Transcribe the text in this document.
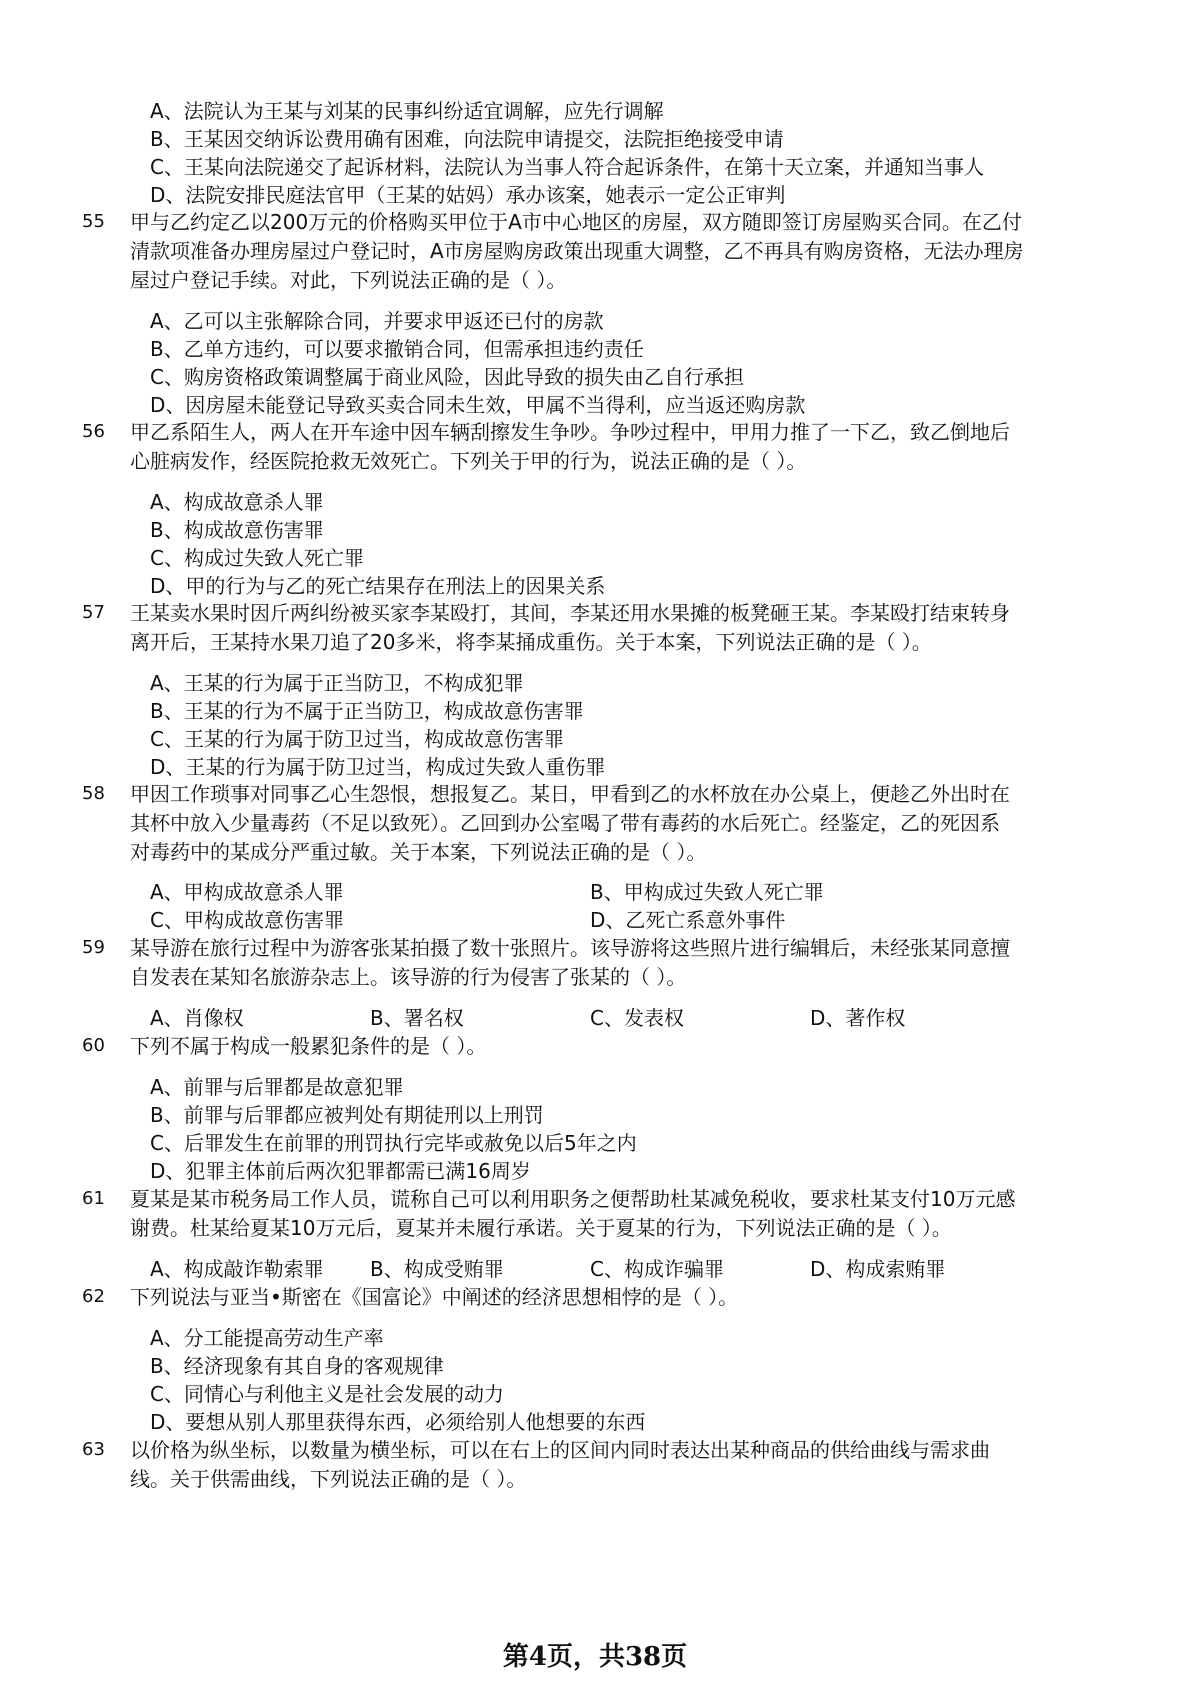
A、法院认为王某与刘某的民事纠纷适宜调解，应先行调解
B、王某因交纳诉讼费用确有困难，向法院申请提交，法院拒绝接受申请
C、王某向法院递交了起诉材料，法院认为当事人符合起诉条件，在第十天立案，并通知当事人
D、法院安排民庭法官甲（王某的姑妈）承办该案，她表示一定公正审判
55 甲与乙约定乙以200万元的价格购买甲位于A市中心地区的房屋，双方随即签订房屋购买合同。在乙付
清款项准备办理房屋过户登记时，A市房屋购房政策出现重大调整，乙不再具有购房资格，无法办理房
屋过户登记手续。对此，下列说法正确的是（ ）。
A、乙可以主张解除合同，并要求甲返还已付的房款
B、乙单方违约，可以要求撤销合同，但需承担违约责任
C、购房资格政策调整属于商业风险，因此导致的损失由乙自行承担
D、因房屋未能登记导致买卖合同未生效，甲属不当得利，应当返还购房款
56 甲乙系陌生人，两人在开车途中因车辆刮擦发生争吵。争吵过程中，甲用力推了一下乙，致乙倒地后
心脏病发作，经医院抢救无效死亡。下列关于甲的行为，说法正确的是（ ）。
A、构成故意杀人罪
B、构成故意伤害罪
C、构成过失致人死亡罪
D、甲的行为与乙的死亡结果存在刑法上的因果关系
57 王某卖水果时因斤两纠纷被买家李某殴打，其间，李某还用水果摊的板凳砸王某。李某殴打结束转身
离开后，王某持水果刀追了20多米，将李某捅成重伤。关于本案，下列说法正确的是（ ）。
A、王某的行为属于正当防卫，不构成犯罪
B、王某的行为不属于正当防卫，构成故意伤害罪
C、王某的行为属于防卫过当，构成故意伤害罪
D、王某的行为属于防卫过当，构成过失致人重伤罪
58 甲因工作琐事对同事乙心生怨恨，想报复乙。某日，甲看到乙的水杯放在办公桌上，便趁乙外出时在
其杯中放入少量毒药（不足以致死）。乙回到办公室喝了带有毒药的水后死亡。经鉴定，乙的死因系
对毒药中的某成分严重过敏。关于本案，下列说法正确的是（ ）。
A、甲构成故意杀人罪	B、甲构成过失致人死亡罪
C、甲构成故意伤害罪	D、乙死亡系意外事件
59 某导游在旅行过程中为游客张某拍摄了数十张照片。该导游将这些照片进行编辑后，未经张某同意擅
自发表在某知名旅游杂志上。该导游的行为侵害了张某的（ ）。
A、肖像权	B、署名权	C、发表权	D、著作权
60 下列不属于构成一般累犯条件的是（ ）。
A、前罪与后罪都是故意犯罪
B、前罪与后罪都应被判处有期徒刑以上刑罚
C、后罪发生在前罪的刑罚执行完毕或赦免以后5年之内
D、犯罪主体前后两次犯罪都需已满16周岁
61 夏某是某市税务局工作人员，谎称自己可以利用职务之便帮助杜某减免税收，要求杜某支付10万元感
谢费。杜某给夏某10万元后，夏某并未履行承诺。关于夏某的行为，下列说法正确的是（ ）。
A、构成敲诈勒索罪 B、构成受贿罪	C、构成诈骗罪	D、构成索贿罪
62 下列说法与亚当•斯密在《国富论》中阐述的经济思想相悖的是（ ）。
A、分工能提高劳动生产率
B、经济现象有其自身的客观规律
C、同情心与利他主义是社会发展的动力
D、要想从别人那里获得东西，必须给别人他想要的东西
63 以价格为纵坐标，以数量为横坐标，可以在右上的区间内同时表达出某种商品的供给曲线与需求曲
线。关于供需曲线，下列说法正确的是（ ）。
第4页，共38页
